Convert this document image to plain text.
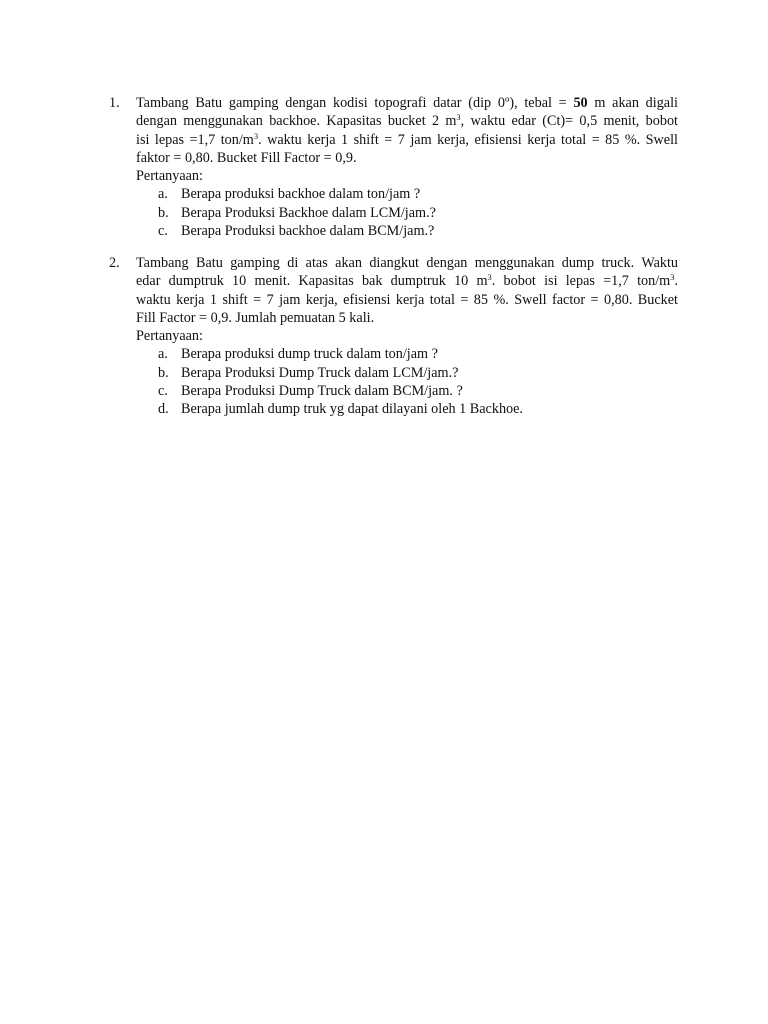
1.	Tambang Batu gamping dengan kodisi topografi datar (dip 0º), tebal = 50 m akan digali
dengan menggunakan backhoe. Kapasitas bucket 2 $m^3$, waktu edar (Ct)= 0,5 menit, bobot
isi lepas =1,7 ton/$m^3$. waktu kerja 1 shift = 7 jam kerja, efisiensi kerja total = 85 %. Swell
faktor = 0,80. Bucket Fill Factor = 0,9.
Pertanyaan:
a. Berapa produksi backhoe dalam ton/jam ?
b. Berapa Produksi Backhoe dalam LCM/jam.?
c. Berapa Produksi backhoe dalam BCM/jam.?
2.	Tambang Batu gamping di atas akan diangkut dengan menggunakan dump truck. Waktu
edar dumptruk 10 menit. Kapasitas bak dumptruk 10 $m^3$. bobot isi lepas =1,7 ton/$m^3$.
waktu kerja 1 shift = 7 jam kerja, efisiensi kerja total = 85 %. Swell factor = 0,80. Bucket
Fill Factor = 0,9. Jumlah pemuatan 5 kali.
Pertanyaan:
a. Berapa produksi dump truck dalam ton/jam ?
b. Berapa Produksi Dump Truck dalam LCM/jam.?
c. Berapa Produksi Dump Truck dalam BCM/jam. ?
d. Berapa jumlah dump truk yg dapat dilayani oleh 1 Backhoe.
